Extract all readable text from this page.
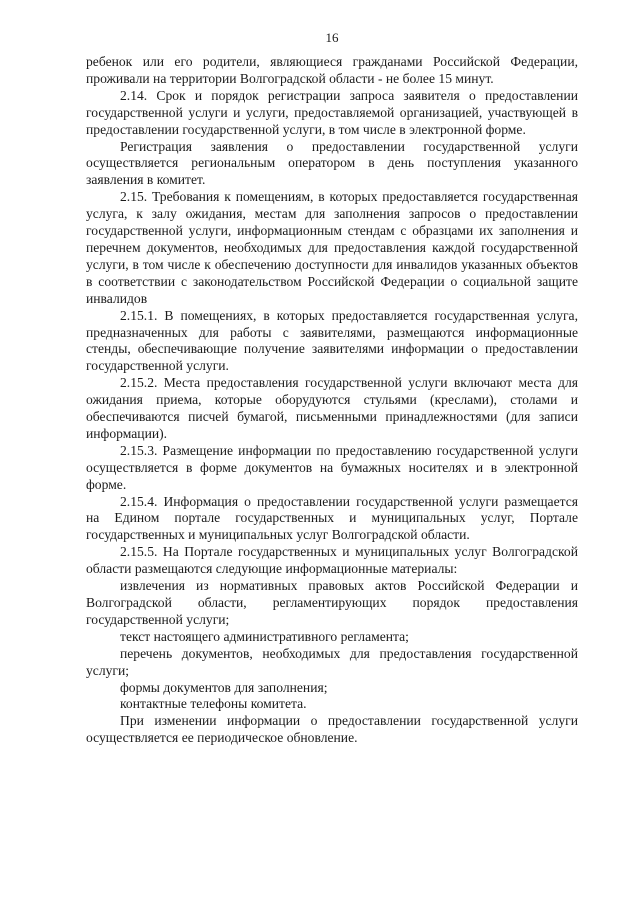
16

ребенок или его родители, являющиеся гражданами Российской Федерации, проживали на территории Волгоградской области - не более 15 минут.

2.14. Срок и порядок регистрации запроса заявителя о предоставлении государственной услуги и услуги, предоставляемой организацией, участвующей в предоставлении государственной услуги, в том числе в электронной форме.

Регистрация заявления о предоставлении государственной услуги осуществляется региональным оператором в день поступления указанного заявления в комитет.

2.15. Требования к помещениям, в которых предоставляется государственная услуга, к залу ожидания, местам для заполнения запросов о предоставлении государственной услуги, информационным стендам с образцами их заполнения и перечнем документов, необходимых для предоставления каждой государственной услуги, в том числе к обеспечению доступности для инвалидов указанных объектов в соответствии с законодательством Российской Федерации о социальной защите инвалидов

2.15.1. В помещениях, в которых предоставляется государственная услуга, предназначенных для работы с заявителями, размещаются информационные стенды, обеспечивающие получение заявителями информации о предоставлении государственной услуги.

2.15.2. Места предоставления государственной услуги включают места для ожидания приема, которые оборудуются стульями (креслами), столами и обеспечиваются писчей бумагой, письменными принадлежностями (для записи информации).

2.15.3. Размещение информации по предоставлению государственной услуги осуществляется в форме документов на бумажных носителях и в электронной форме.

2.15.4. Информация о предоставлении государственной услуги размещается на Едином портале государственных и муниципальных услуг, Портале государственных и муниципальных услуг Волгоградской области.

2.15.5. На Портале государственных и муниципальных услуг Волгоградской области размещаются следующие информационные материалы:

извлечения из нормативных правовых актов Российской Федерации и Волгоградской области, регламентирующих порядок предоставления государственной услуги;

текст настоящего административного регламента;

перечень документов, необходимых для предоставления государственной услуги;

формы документов для заполнения;

контактные телефоны комитета.

При изменении информации о предоставлении государственной услуги осуществляется ее периодическое обновление.
